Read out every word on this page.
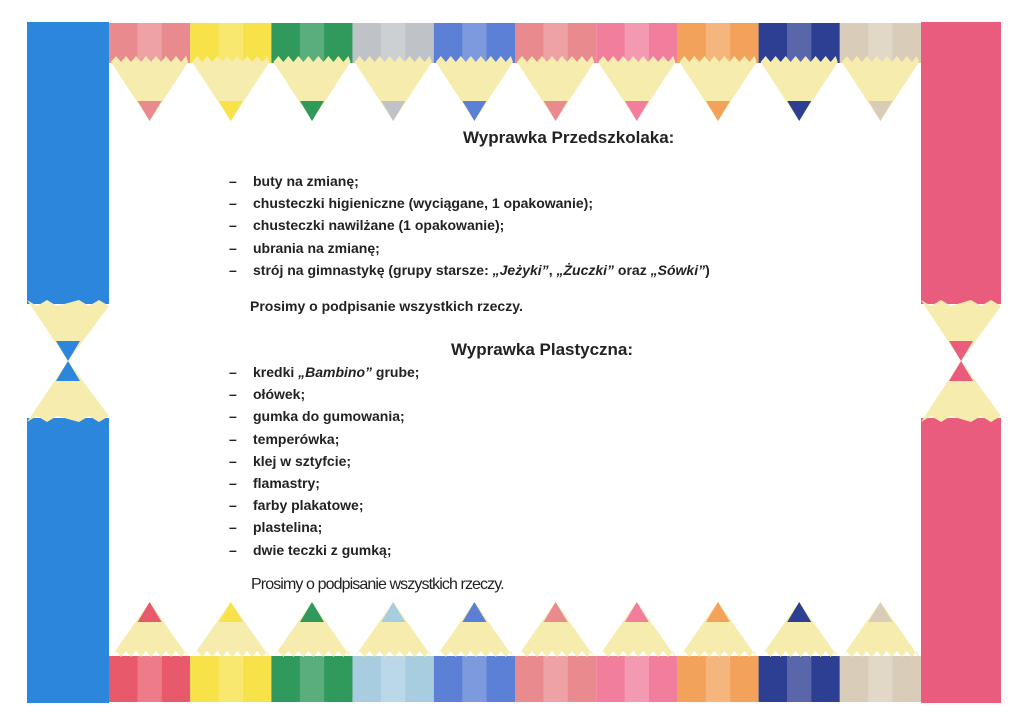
Wyprawka Przedszkolaka:
– buty na zmianę;
– chusteczki higieniczne (wyciągane, 1 opakowanie);
– chusteczki nawilżane (1 opakowanie);
– ubrania na zmianę;
– strój na gimnastykę (grupy starsze: „Jeżyki”, „Żuczki” oraz „Sówki”)
Prosimy o podpisanie wszystkich rzeczy.
Wyprawka Plastyczna:
– kredki „Bambino” grube;
– ołówek;
– gumka do gumowania;
– temperówka;
– klej w sztyfcie;
– flamastry;
– farby plakatowe;
– plastelina;
– dwie teczki z gumką;
Prosimy o podpisanie wszystkich rzeczy.
